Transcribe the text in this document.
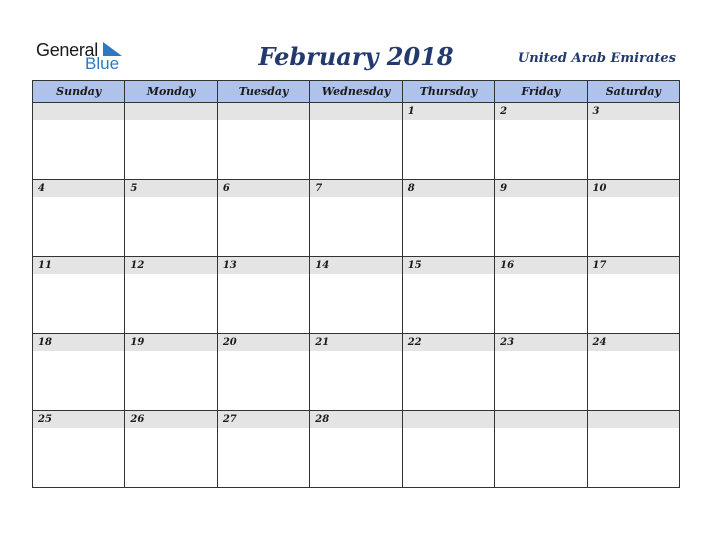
General
Blue	February 2018	United Arab Emirates
Sunday	Monday	Tuesday	Wednesday	Thursday	Friday	Saturday

				1	2	3

4	5	6	7	8	9	10

11	12	13	14	15	16	17

18	19	20	21	22	23	24

25	26	27	28			
